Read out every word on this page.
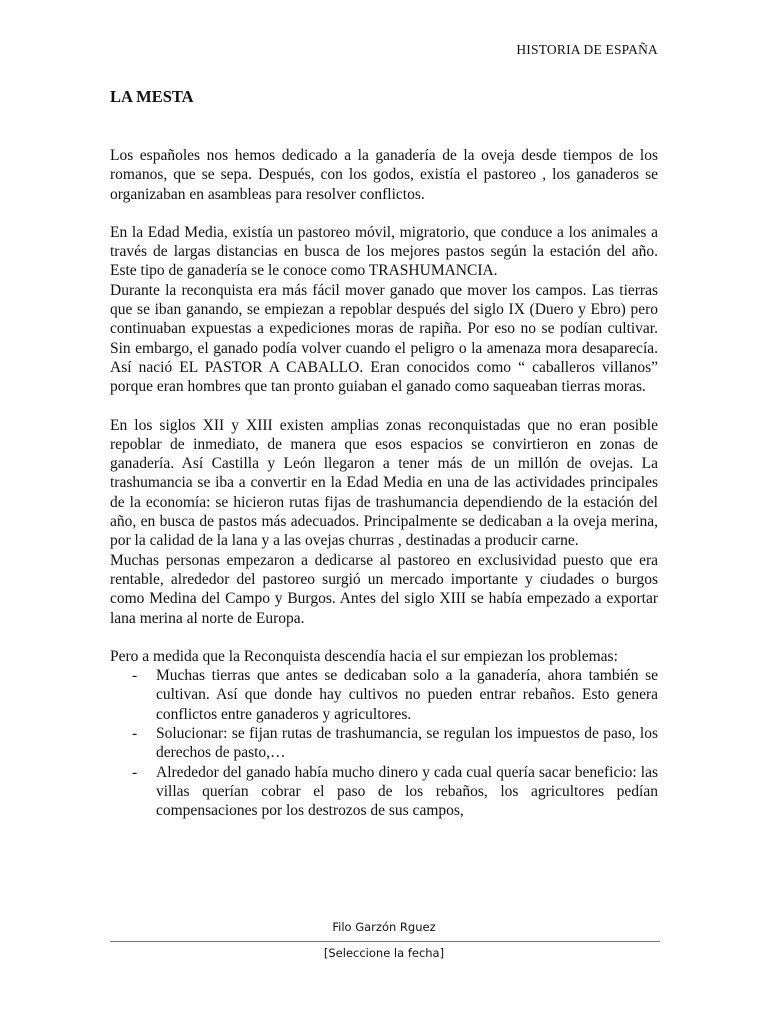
HISTORIA DE ESPAÑA
LA MESTA

Los españoles nos hemos dedicado a la ganadería de la oveja desde tiempos de los romanos, que se sepa. Después, con los godos, existía el pastoreo , los ganaderos se organizaban en asambleas para resolver conflictos.

En la Edad Media, existía un pastoreo móvil, migratorio, que conduce a los animales a través de largas distancias en busca de los mejores pastos según la estación del año. Este tipo de ganadería se le conoce como TRASHUMANCIA.

Durante la reconquista era más fácil mover ganado que mover los campos. Las tierras que se iban ganando, se empiezan a repoblar después del siglo IX (Duero y Ebro) pero continuaban expuestas a expediciones moras de rapiña. Por eso no se podían cultivar. Sin embargo, el ganado podía volver cuando el peligro o la amenaza mora desaparecía. Así nació EL PASTOR A CABALLO. Eran conocidos como “ caballeros villanos” porque eran hombres que tan pronto guiaban el ganado como saqueaban tierras moras.

En los siglos XII y XIII existen amplias zonas reconquistadas que no eran posible repoblar de inmediato, de manera que esos espacios se convirtieron en zonas de ganadería. Así Castilla y León llegaron a tener más de un millón de ovejas. La trashumancia se iba a convertir en la Edad Media en una de las actividades principales de la economía: se hicieron rutas fijas de trashumancia dependiendo de la estación del año, en busca de pastos más adecuados. Principalmente se dedicaban a la oveja merina, por la calidad de la lana y a las ovejas churras , destinadas a producir carne.

Muchas personas empezaron a dedicarse al pastoreo en exclusividad puesto que era rentable, alrededor del pastoreo surgió un mercado importante y ciudades o burgos como Medina del Campo y Burgos. Antes del siglo XIII se había empezado a exportar lana merina al norte de Europa.

Pero a medida que la Reconquista descendía hacia el sur empiezan los problemas:

- Muchas tierras que antes se dedicaban solo a la ganadería, ahora también se cultivan. Así que donde hay cultivos no pueden entrar rebaños. Esto genera conflictos entre ganaderos y agricultores.
- Solucionar: se fijan rutas de trashumancia, se regulan los impuestos de paso, los derechos de pasto,…
- Alrededor del ganado había mucho dinero y cada cual quería sacar beneficio: las villas querían cobrar el paso de los rebaños, los agricultores pedían compensaciones por los destrozos de sus campos,
Filo Garzón Rguez
[Seleccione la fecha]
